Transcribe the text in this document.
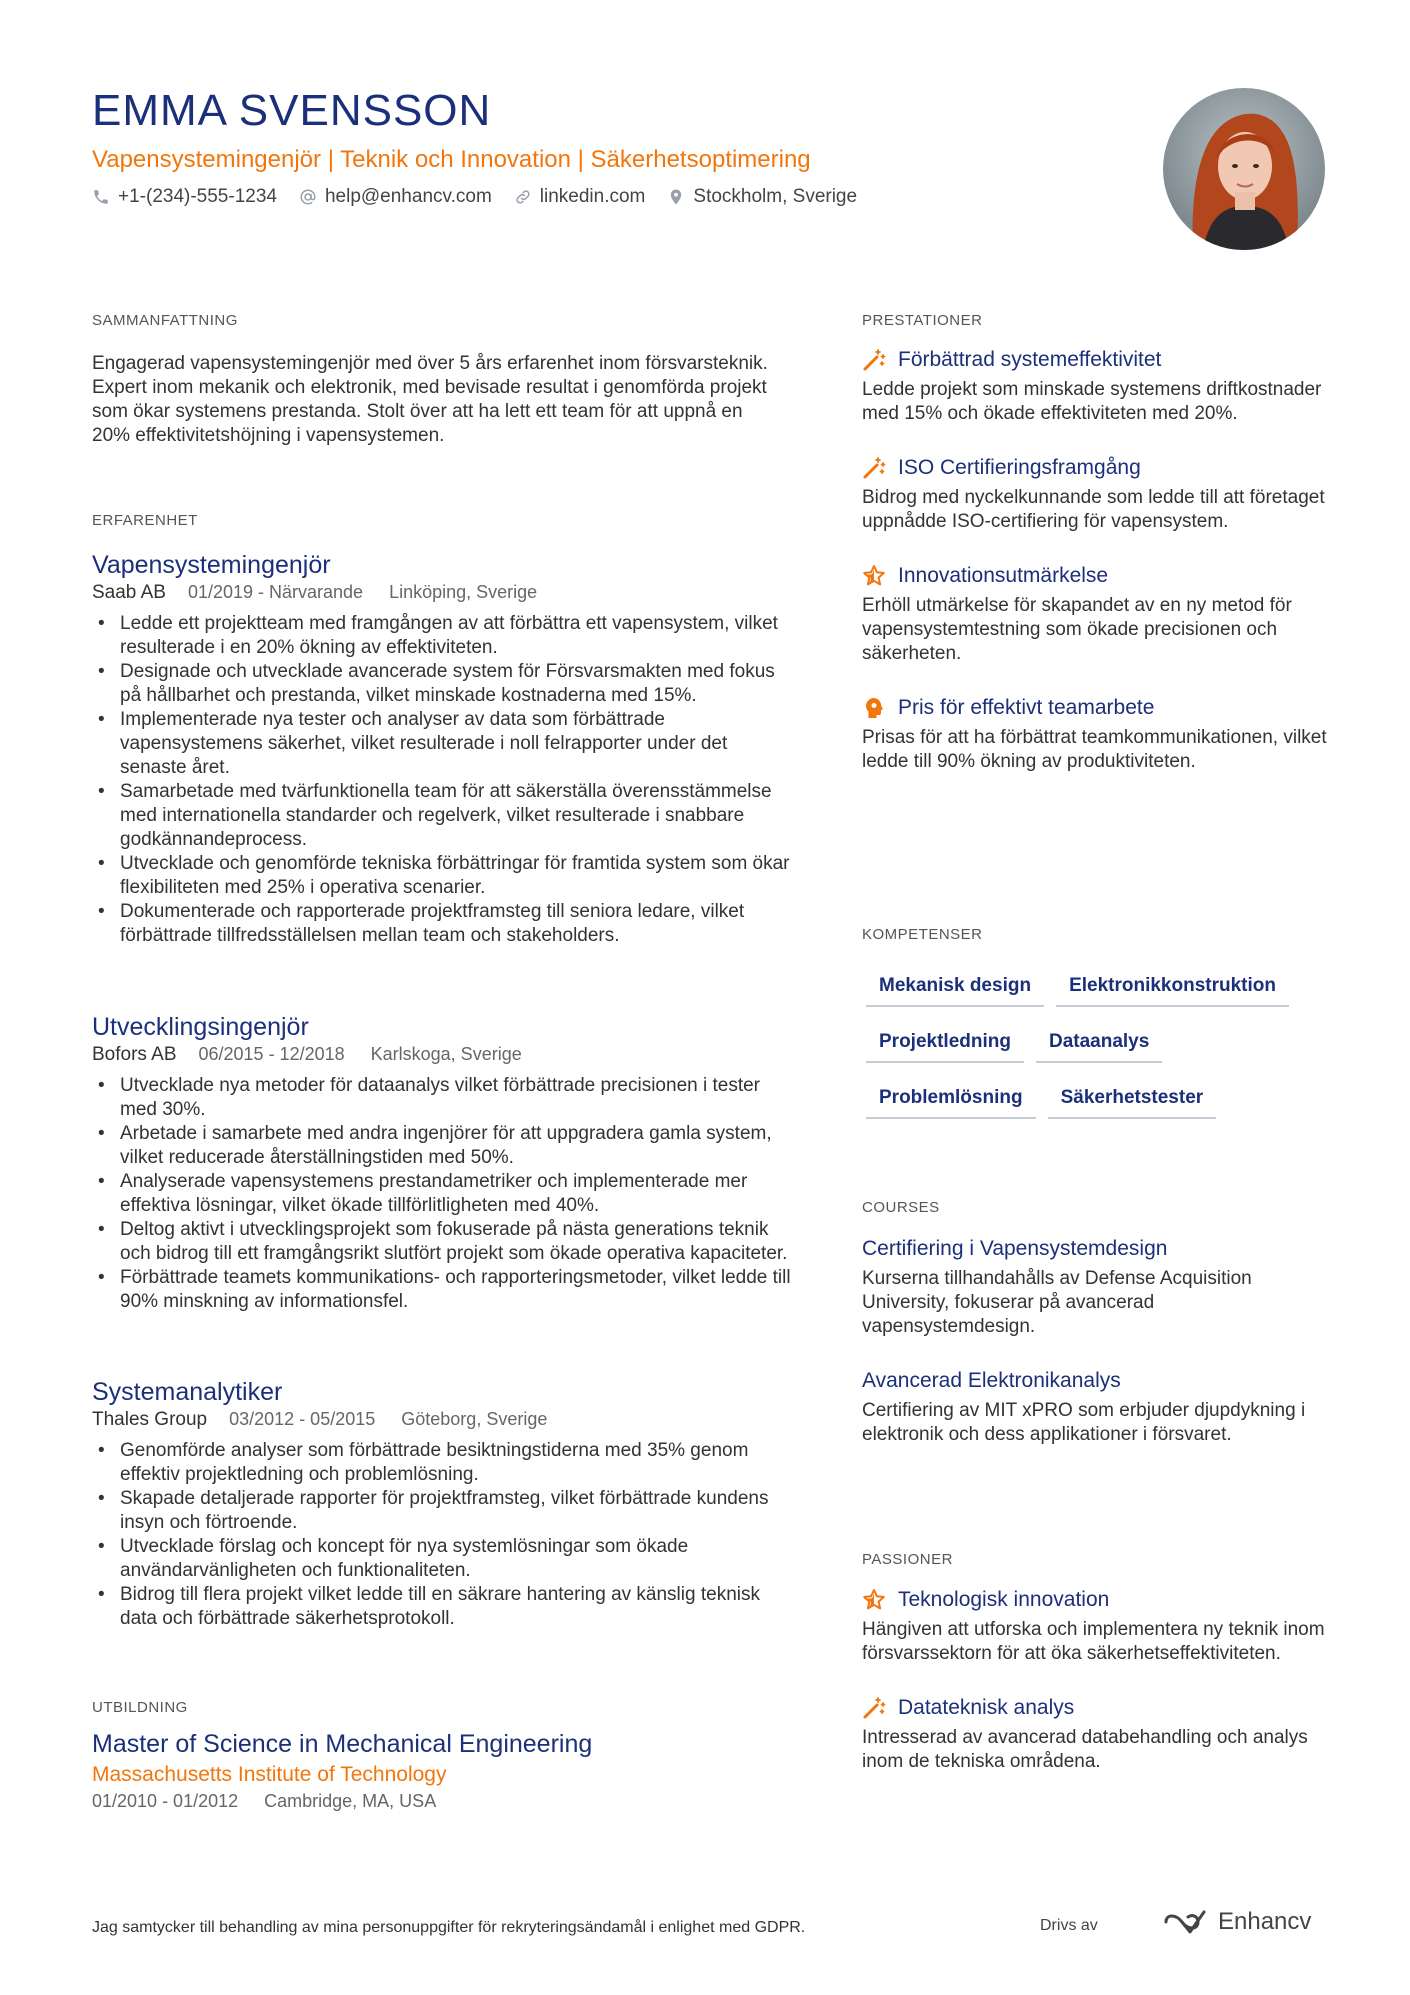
EMMA SVENSSON
Vapensystemingenjör | Teknik och Innovation | Säkerhetsoptimering
+1-(234)-555-1234	help@enhancv.com	linkedin.com	Stockholm, Sverige
SAMMANFATTNING
Engagerad vapensystemingenjör med över 5 års erfarenhet inom försvarsteknik. Expert inom mekanik och elektronik, med bevisade resultat i genomförda projekt som ökar systemens prestanda. Stolt över att ha lett ett team för att uppnå en 20% effektivitetshöjning i vapensystemen.
ERFARENHET
Vapensystemingenjör
Saab AB 01/2019 - Närvarande Linköping, Sverige
• Ledde ett projektteam med framgången av att förbättra ett vapensystem, vilket resulterade i en 20% ökning av effektiviteten.
• Designade och utvecklade avancerade system för Försvarsmakten med fokus på hållbarhet och prestanda, vilket minskade kostnaderna med 15%.
• Implementerade nya tester och analyser av data som förbättrade vapensystemens säkerhet, vilket resulterade i noll felrapporter under det senaste året.
• Samarbetade med tvärfunktionella team för att säkerställa överensstämmelse med internationella standarder och regelverk, vilket resulterade i snabbare godkännandeprocess.
• Utvecklade och genomförde tekniska förbättringar för framtida system som ökar flexibiliteten med 25% i operativa scenarier.
• Dokumenterade och rapporterade projektframsteg till seniora ledare, vilket förbättrade tillfredsställelsen mellan team och stakeholders.
Utvecklingsingenjör
Bofors AB 06/2015 - 12/2018 Karlskoga, Sverige
• Utvecklade nya metoder för dataanalys vilket förbättrade precisionen i tester med 30%.
• Arbetade i samarbete med andra ingenjörer för att uppgradera gamla system, vilket reducerade återställningstiden med 50%.
• Analyserade vapensystemens prestandametriker och implementerade mer effektiva lösningar, vilket ökade tillförlitligheten med 40%.
• Deltog aktivt i utvecklingsprojekt som fokuserade på nästa generations teknik och bidrog till ett framgångsrikt slutfört projekt som ökade operativa kapaciteter.
• Förbättrade teamets kommunikations- och rapporteringsmetoder, vilket ledde till 90% minskning av informationsfel.
Systemanalytiker
Thales Group 03/2012 - 05/2015 Göteborg, Sverige
• Genomförde analyser som förbättrade besiktningstiderna med 35% genom effektiv projektledning och problemlösning.
• Skapade detaljerade rapporter för projektframsteg, vilket förbättrade kundens insyn och förtroende.
• Utvecklade förslag och koncept för nya systemlösningar som ökade användarvänligheten och funktionaliteten.
• Bidrog till flera projekt vilket ledde till en säkrare hantering av känslig teknisk data och förbättrade säkerhetsprotokoll.
UTBILDNING
Master of Science in Mechanical Engineering
Massachusetts Institute of Technology
01/2010 - 01/2012 Cambridge, MA, USA
PRESTATIONER
Förbättrad systemeffektivitet
Ledde projekt som minskade systemens driftkostnader med 15% och ökade effektiviteten med 20%.
ISO Certifieringsframgång
Bidrog med nyckelkunnande som ledde till att företaget uppnådde ISO-certifiering för vapensystem.
Innovationsutmärkelse
Erhöll utmärkelse för skapandet av en ny metod för vapensystemtestning som ökade precisionen och säkerheten.
Pris för effektivt teamarbete
Prisas för att ha förbättrat teamkommunikationen, vilket ledde till 90% ökning av produktiviteten.
KOMPETENSER
Mekanisk design	Elektronikkonstruktion
Projektledning	Dataanalys
Problemlösning	Säkerhetstester
COURSES
Certifiering i Vapensystemdesign
Kurserna tillhandahålls av Defense Acquisition University, fokuserar på avancerad vapensystemdesign.
Avancerad Elektronikanalys
Certifiering av MIT xPRO som erbjuder djupdykning i elektronik och dess applikationer i försvaret.
PASSIONER
Teknologisk innovation
Hängiven att utforska och implementera ny teknik inom försvarssektorn för att öka säkerhetseffektiviteten.
Datateknisk analys
Intresserad av avancerad databehandling och analys inom de tekniska områdena.
Jag samtycker till behandling av mina personuppgifter för rekryteringsändamål i enlighet med GDPR.	Drivs av	Enhancv
